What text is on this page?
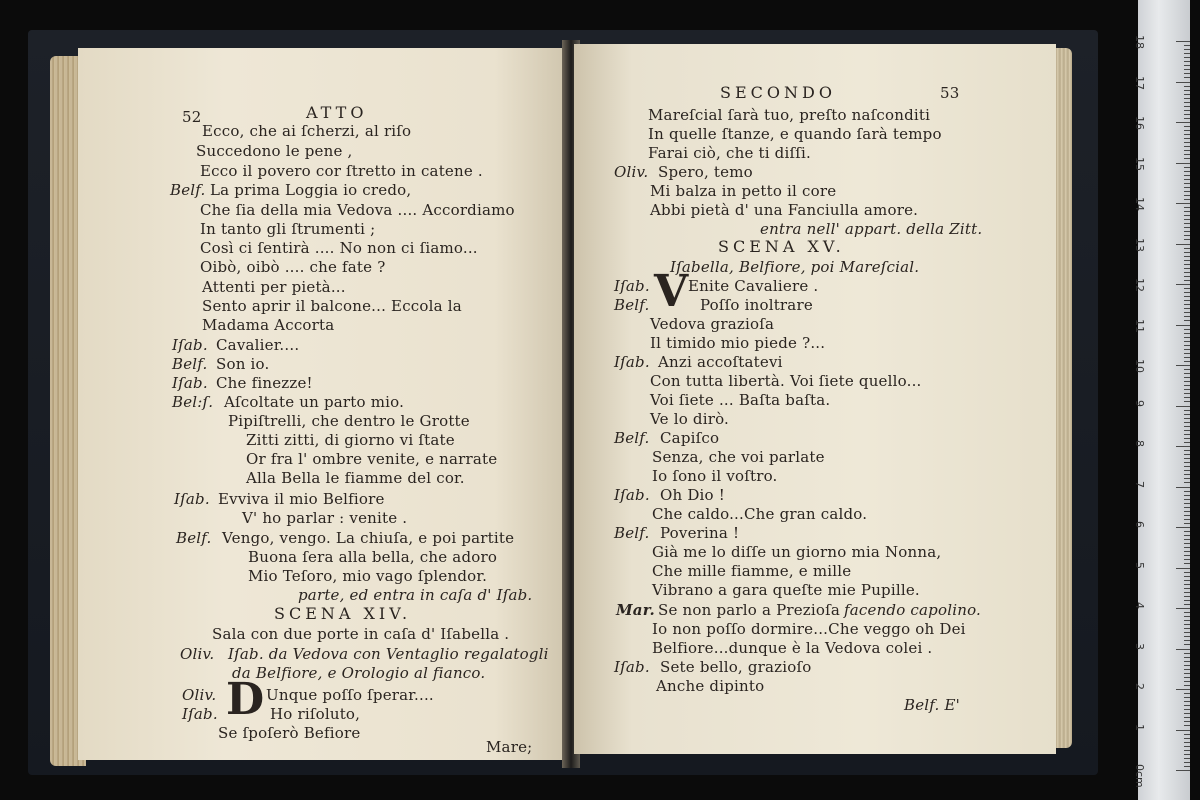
52	ATTO
Ecco, che ai ſcherzi, al riſo
Succedono le pene ,
Ecco il povero cor ſtretto in catene .
Belf. La prima Loggia io credo,
Che ſia della mia Vedova .... Accordiamo
In tanto gli ſtrumenti ;
Così ci ſentirà .... No non ci ſiamo...
Oibò, oibò .... che fate ?
Attenti per pietà...
Sento aprir il balcone... Eccola la
Madama Accorta
Iſab. Cavalier....
Belf. Son io.
Iſab. Che finezze!
Bel:ſ. Aſcoltate un parto mio.
Pipiſtrelli, che dentro le Grotte
Zitti zitti, di giorno vi ſtate
Or fra l' ombre venite, e narrate
Alla Bella le fiamme del cor.
Iſab. Evviva il mio Belfiore
V' ho parlar : venite .
Belf. Vengo, vengo. La chiuſa, e poi partite
Buona ſera alla bella, che adoro
Mio Teſoro, mio vago ſplendor.
parte, ed entra in caſa d' Iſab.
SCENA XIV.
Sala con due porte in caſa d' Iſabella .
Oliv. Iſab. da Vedova con Ventaglio regalatogli
da Belfiore, e Orologio al fianco.
D
Oliv.	Unque poſſo ſperar....
Iſab.	Ho riſoluto,
Se ſpoſerò Befiore
Mare;
SECONDO	53
Mareſcial ſarà tuo, preſto naſconditi
In quelle ſtanze, e quando ſarà tempo
Farai ciò, che ti diſſi.
Oliv. Spero, temo
Mi balza in petto il core
Abbi pietà d' una Fanciulla amore.
entra nell' appart. della Zitt.
SCENA XV.
Iſabella, Belfiore, poi Mareſcial.
V
Iſab.	Enite Cavaliere .
Belf.	Poſſo inoltrare
Vedova grazioſa
Il timido mio piede ?...
Iſab. Anzi accoſtatevi
Con tutta libertà. Voi ſiete quello...
Voi ſiete ... Baſta baſta.
Ve lo dirò.
Belf. Capiſco
Senza, che voi parlate
Io ſono il voſtro.
Iſab. Oh Dio !
Che caldo...Che gran caldo.
Belf. Poverina !
Già me lo diſſe un giorno mia Nonna,
Che mille fiamme, e mille
Vibrano a gara queſte mie Pupille.
Mar. Se non parlo a Prezioſa facendo capolino.
Io non poſſo dormire...Che veggo oh Dei
Belfiore...dunque è la Vedova colei .
Iſab. Sete bello, grazioſo
Anche dipinto
Belf. E'
0cm
1
2
3
4
5
6
7
8
9
10
11
12
13
14
15
16
17
18
